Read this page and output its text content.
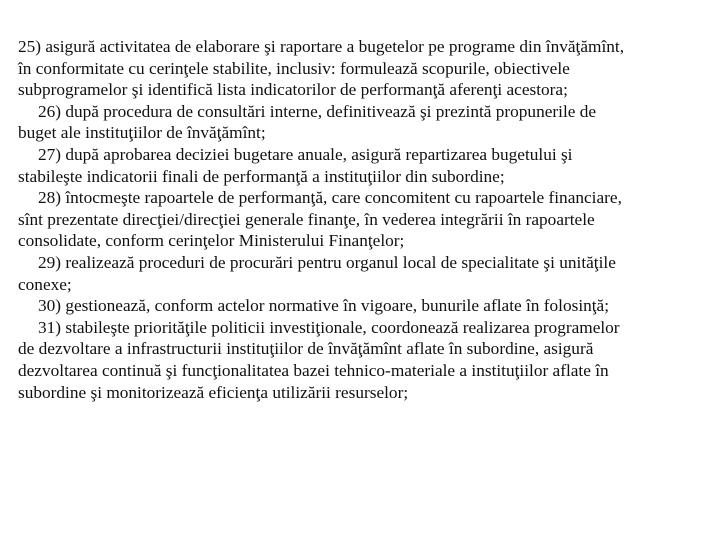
25) asigură activitatea de elaborare şi raportare a bugetelor pe programe din învăţămînt,
în conformitate cu cerinţele stabilite, inclusiv: formulează scopurile, obiectivele
subprogramelor şi identifică lista indicatorilor de performanţă aferenţi acestora;
26) după procedura de consultări interne, definitivează şi prezintă propunerile de
buget ale instituţiilor de învăţămînt;
27) după aprobarea deciziei bugetare anuale, asigură repartizarea bugetului şi
stabileşte indicatorii finali de performanţă a instituţiilor din subordine;
28) întocmeşte rapoartele de performanţă, care concomitent cu rapoartele financiare,
sînt prezentate direcţiei/direcţiei generale finanţe, în vederea integrării în rapoartele
consolidate, conform cerinţelor Ministerului Finanţelor;
29) realizează proceduri de procurări pentru organul local de specialitate şi unităţile
conexe;
30) gestionează, conform actelor normative în vigoare, bunurile aflate în folosinţă;
31) stabileşte priorităţile politicii investiţionale, coordonează realizarea programelor
de dezvoltare a infrastructurii instituţiilor de învăţămînt aflate în subordine, asigură
dezvoltarea continuă şi funcţionalitatea bazei tehnico-materiale a instituţiilor aflate în
subordine şi monitorizează eficienţa utilizării resurselor;
